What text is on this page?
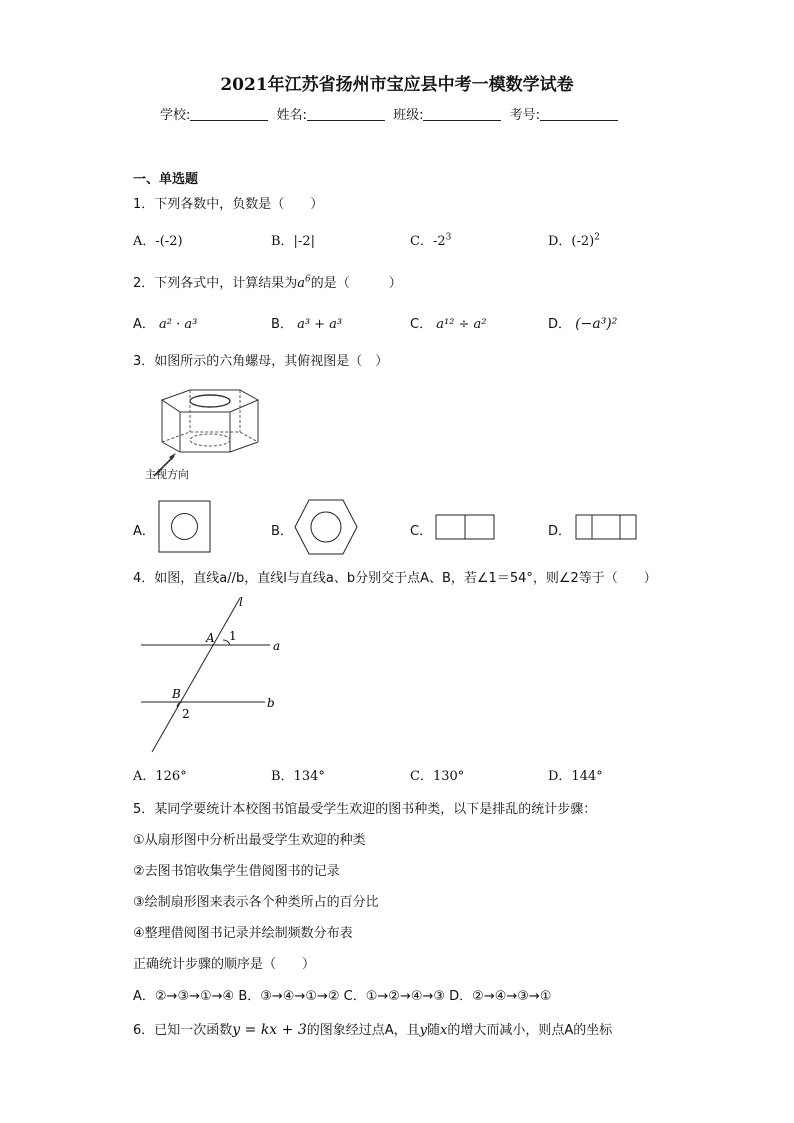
2021年江苏省扬州市宝应县中考一模数学试卷
学校:	姓名:	班级:	考号:
一、单选题
1．下列各数中，负数是（　　）
A．-(-2)	B．|-2|	C．$-2^3$	D．$(-2)^2$
2．下列各式中，计算结果为$a^6$的是（　　　）
A． a² · a³	B． a³ + a³	C． a¹² ÷ a²	D． (−a³)²
3．如图所示的六角螺母，其俯视图是（　）
主视方向
A．	B．	C．	D．
4．如图，直线a//b，直线l与直线a、b分别交于点A、B，若∠1＝54°，则∠2等于（　　）
l
a
b
A
B
1
2
A．126°	B．134°	C．130°	D．144°
5．某同学要统计本校图书馆最受学生欢迎的图书种类，以下是排乱的统计步骤：
①从扇形图中分析出最受学生欢迎的种类
②去图书馆收集学生借阅图书的记录
③绘制扇形图来表示各个种类所占的百分比
④整理借阅图书记录并绘制频数分布表
正确统计步骤的顺序是（　　）
A．②→③→①→④ B．③→④→①→② C．①→②→④→③ D．②→④→③→①
6．已知一次函数y = kx + 3的图象经过点A，且y随x的增大而减小，则点A的坐标
